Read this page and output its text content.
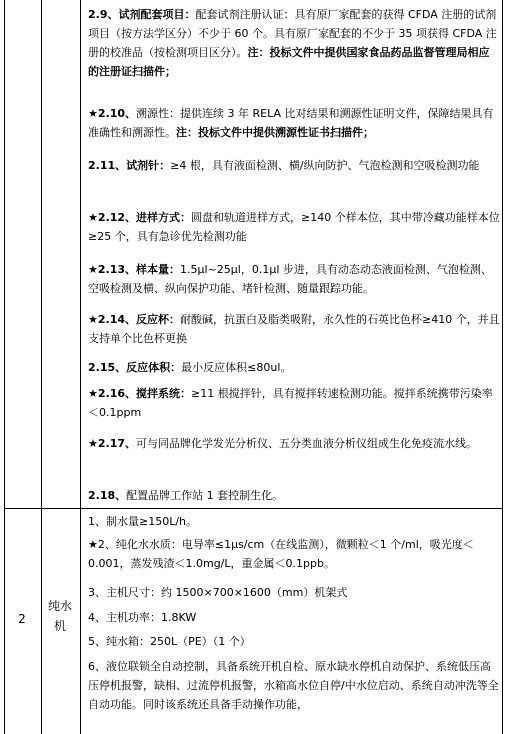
2
纯水
机

2.9、试剂配套项目：配套试剂注册认证：具有原厂家配套的获得 CFDA 注册的试剂项目（按方法学区分）不少于 60 个。具有原厂家配套的不少于 35 项获得 CFDA 注册的校准品（按检测项目区分）。注：投标文件中提供国家食品药品监督管理局相应的注册证扫描件；

★2.10、溯源性：提供连续 3 年 RELA 比对结果和溯源性证明文件，保障结果具有准确性和溯源性。注：投标文件中提供溯源性证书扫描件；

2.11、试剂针：≥4 根，具有液面检测、横/纵向防护、气泡检测和空吸检测功能

★2.12、进样方式：圆盘和轨道进样方式，≥140 个样本位，其中带冷藏功能样本位≥25 个，具有急诊优先检测功能

★2.13、样本量：1.5μl~25μl，0.1μl 步进，具有动态动态液面检测、气泡检测、空吸检测及横、纵向保护功能、堵针检测、随量跟踪功能。

★2.14、反应杯：耐酸碱，抗蛋白及脂类吸附，永久性的石英比色杯≥410 个，并且支持单个比色杯更换

2.15、反应体积：最小反应体积≤80ul。

★2.16、搅拌系统：≥11 根搅拌针，具有搅拌转速检测功能。搅拌系统携带污染率＜0.1ppm

★2.17、可与同品牌化学发光分析仪、五分类血液分析仪组成生化免疫流水线。

2.18、配置品牌工作站 1 套控制生化。

1、制水量≥150L/h。

★2、纯化水水质：电导率≤1μs/cm（在线监测），微颗粒＜1 个/ml，吸光度＜0.001，蒸发残渣＜1.0mg/L，重金属＜0.1ppb。

3、主机尺寸：约 1500×700×1600（mm）机架式

4、主机功率：1.8KW

5、纯水箱：250L（PE）（1 个）

6、液位联锁全自动控制，具备系统开机自检、原水缺水停机自动保护、系统低压高压停机报警，缺相、过流停机报警，水箱高水位自停/中水位启动、系统自动冲洗等全自动功能。同时该系统还具备手动操作功能，
